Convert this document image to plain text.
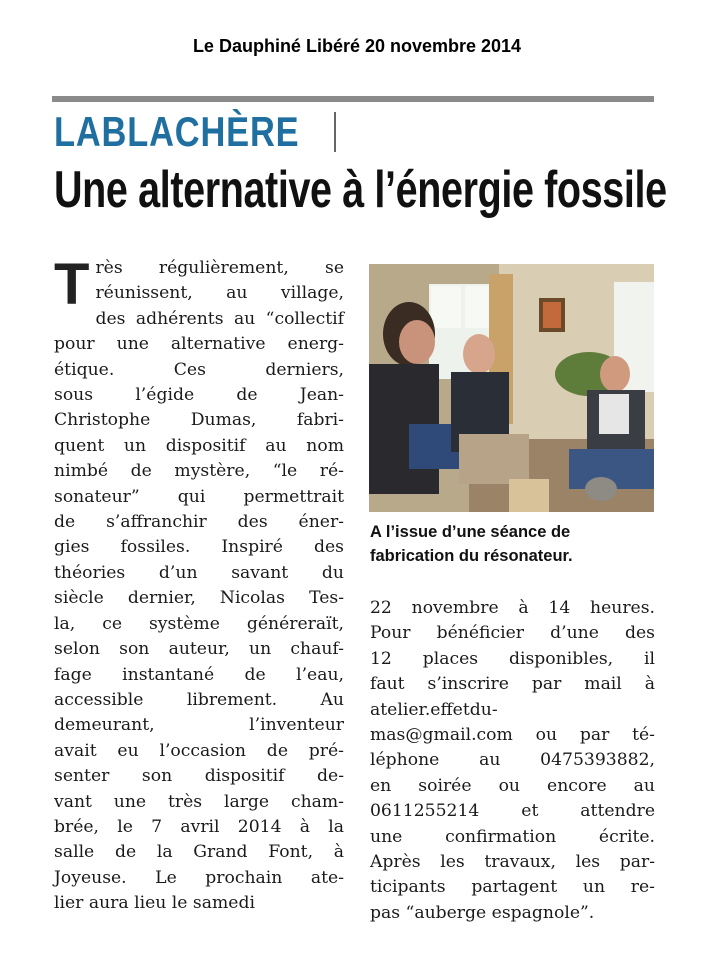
Le Dauphiné Libéré 20 novembre 2014
LABLACHÈRE
Une alternative à l’énergie fossile
T rès régulièrement, se
réunissent, au village,
des adhérents au “collectif
pour une alternative energ-
étique. Ces derniers,
sous l’égide de Jean-
Christophe Dumas, fabri-
quent un dispositif au nom
nimbé de mystère, “le ré-
sonateur” qui permettrait
de s’affranchir des éner-
gies fossiles. Inspiré des
théories d’un savant du
siècle dernier, Nicolas Tes-
la, ce système généreraït,
selon son auteur, un chauf-
fage instantané de l’eau,
accessible librement. Au
demeurant, l’inventeur
avait eu l’occasion de pré-
senter son dispositif de-
vant une très large cham-
brée, le 7 avril 2014 à la
salle de la Grand Font, à
Joyeuse. Le prochain ate-
lier aura lieu le samedi
A l’issue d’une séance de fabrication du résonateur.
22 novembre à 14 heures.
Pour bénéficier d’une des
12 places disponibles, il
faut s’inscrire par mail à
atelier.effetdu-
mas@gmail.com ou par té-
léphone au 0475393882,
en soirée ou encore au
0611255214 et attendre
une confirmation écrite.
Après les travaux, les par-
ticipants partagent un re-
pas “auberge espagnole”.
